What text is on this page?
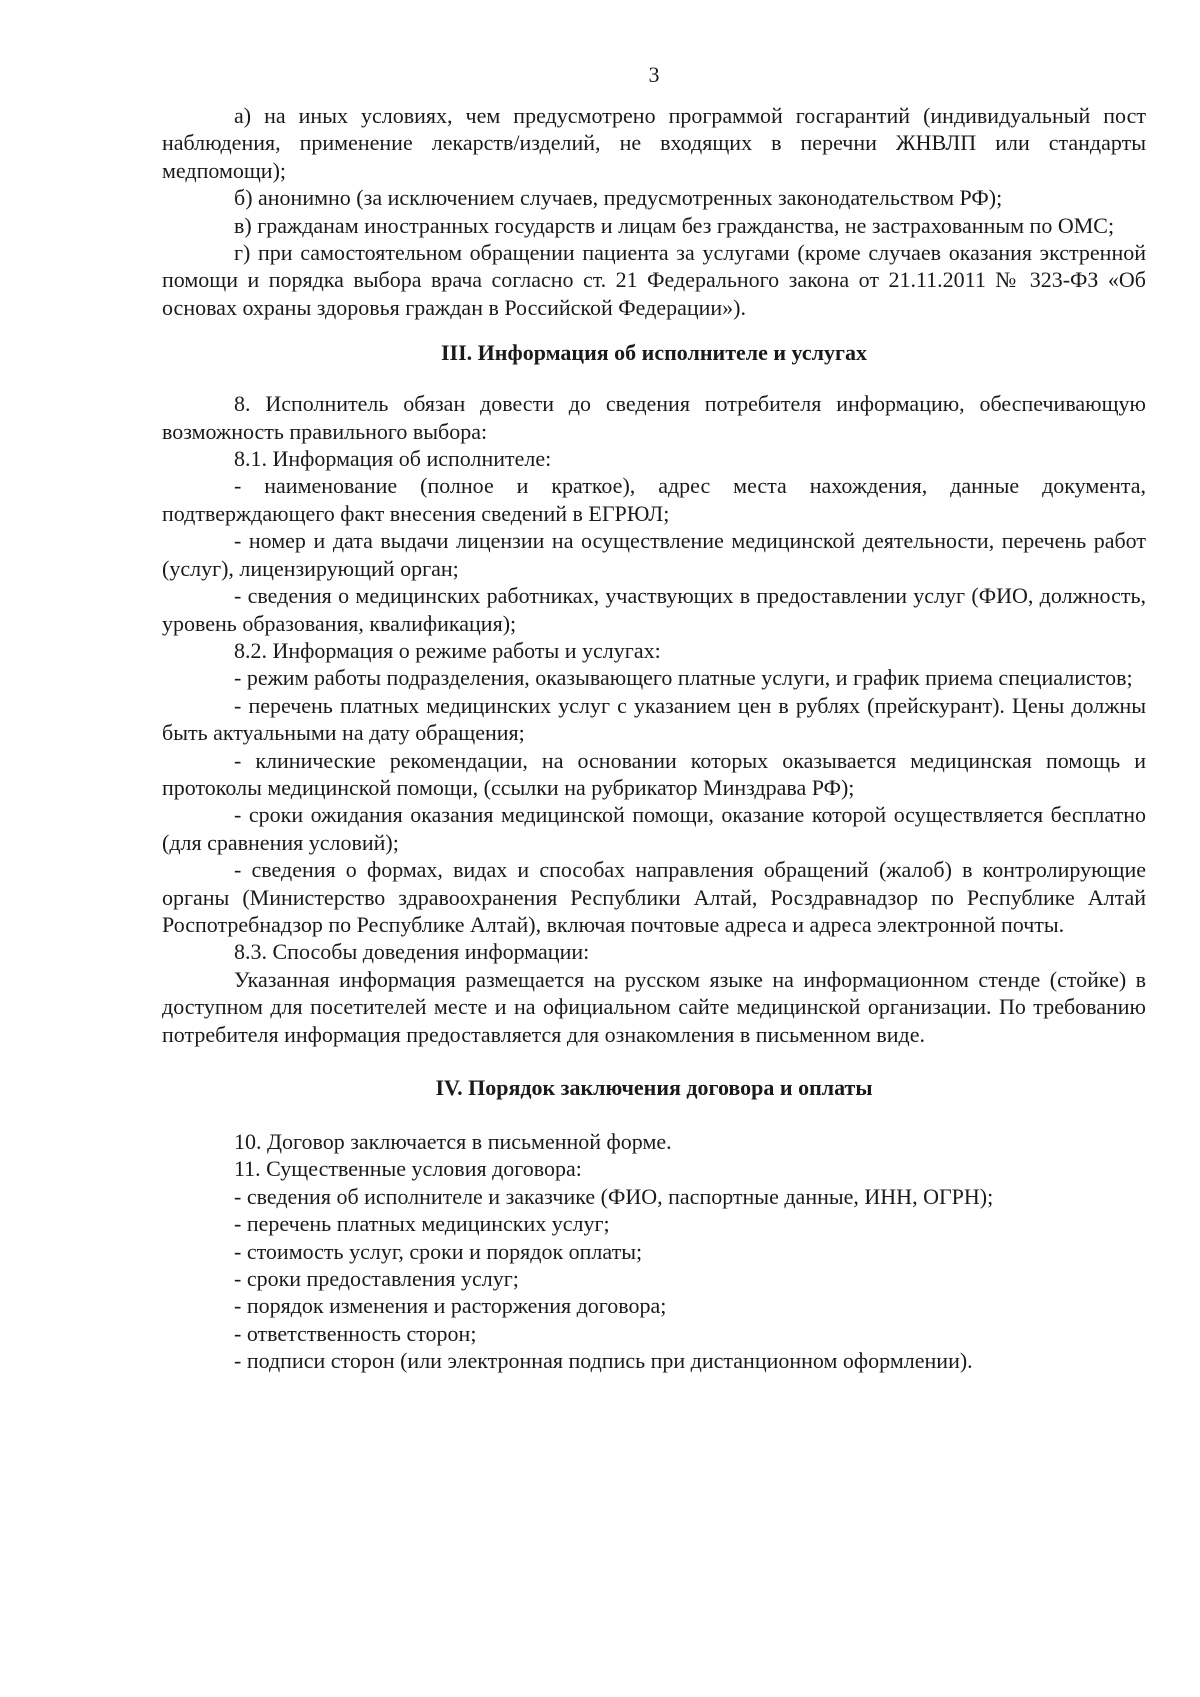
3

а) на иных условиях, чем предусмотрено программой госгарантий (индивидуальный пост наблюдения, применение лекарств/изделий, не входящих в перечни ЖНВЛП или стандарты медпомощи);

б) анонимно (за исключением случаев, предусмотренных законодательством РФ);

в) гражданам иностранных государств и лицам без гражданства, не застрахованным по ОМС;

г) при самостоятельном обращении пациента за услугами (кроме случаев оказания экстренной помощи и порядка выбора врача согласно ст. 21 Федерального закона от 21.11.2011 № 323-ФЗ «Об основах охраны здоровья граждан в Российской Федерации»).

III. Информация об исполнителе и услугах

8. Исполнитель обязан довести до сведения потребителя информацию, обеспечивающую возможность правильного выбора:

8.1. Информация об исполнителе:

- наименование (полное и краткое), адрес места нахождения, данные документа, подтверждающего факт внесения сведений в ЕГРЮЛ;

- номер и дата выдачи лицензии на осуществление медицинской деятельности, перечень работ (услуг), лицензирующий орган;

- сведения о медицинских работниках, участвующих в предоставлении услуг (ФИО, должность, уровень образования, квалификация);

8.2. Информация о режиме работы и услугах:

- режим работы подразделения, оказывающего платные услуги, и график приема специалистов;

- перечень платных медицинских услуг с указанием цен в рублях (прейскурант). Цены должны быть актуальными на дату обращения;

- клинические рекомендации, на основании которых оказывается медицинская помощь и протоколы медицинской помощи, (ссылки на рубрикатор Минздрава РФ);

- сроки ожидания оказания медицинской помощи, оказание которой осуществляется бесплатно (для сравнения условий);

- сведения о формах, видах и способах направления обращений (жалоб) в контролирующие органы (Министерство здравоохранения Республики Алтай, Росздравнадзор по Республике Алтай Роспотребнадзор по Республике Алтай), включая почтовые адреса и адреса электронной почты.

8.3. Способы доведения информации:

Указанная информация размещается на русском языке на информационном стенде (стойке) в доступном для посетителей месте и на официальном сайте медицинской организации. По требованию потребителя информация предоставляется для ознакомления в письменном виде.

IV. Порядок заключения договора и оплаты
10. Договор заключается в письменной форме.
11. Существенные условия договора:
- сведения об исполнителе и заказчике (ФИО, паспортные данные, ИНН, ОГРН);
- перечень платных медицинских услуг;
- стоимость услуг, сроки и порядок оплаты;
- сроки предоставления услуг;
- порядок изменения и расторжения договора;
- ответственность сторон;
- подписи сторон (или электронная подпись при дистанционном оформлении).
